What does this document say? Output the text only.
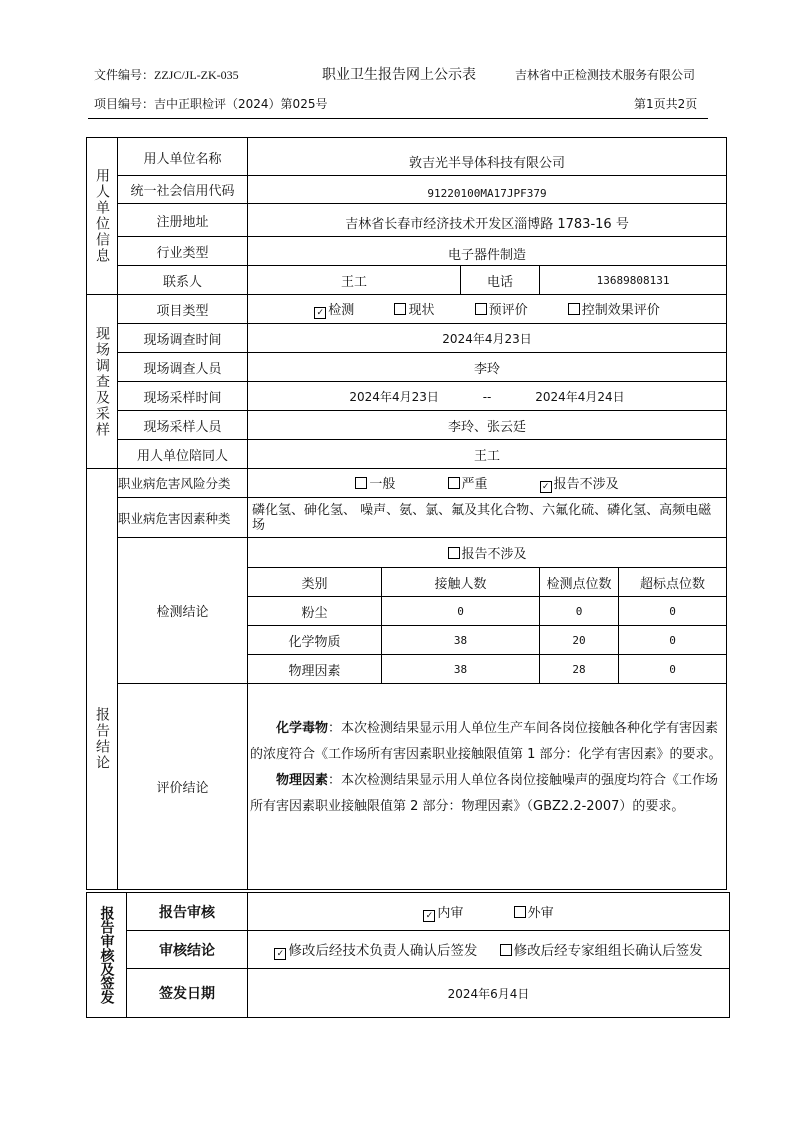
文件编号：ZZJC/JL-ZK-035	职业卫生报告网上公示表	吉林省中正检测技术服务有限公司
项目编号：吉中正职检评（2024）第025号	第1页共2页
用人单位信息	用人单位名称	敦吉光半导体科技有限公司				
	统一社会信用代码	91220100MA17JPF379				
	注册地址	吉林省长春市经济技术开发区淄博路 1783-16 号				
	行业类型	电子器件制造				
	联系人	王工		电话	13689808131	

现场调查及采样	项目类型	✓ 检测 现状 预评价 控制效果评价				
	现场调查时间	2024年4月23日				
	现场调查人员	李玲				
	现场采样时间	2024年4月23日 -- 2024年4月24日				
	现场采样人员	李玲、张云廷				
	用人单位陪同人	王工				

报告结论	职业病危害风险分类	一般 严重 ✓ 报告不涉及				
	职业病危害因素种类	磷化氢、砷化氢、 噪声、氨、氯、氟及其化合物、六氟化硫、磷化氢、高频电磁场				
	检测结论	报告不涉及				
		类别	接触人数		检测点位数	超标点位数
		粉尘	0		0	0
		化学物质	38		20	0
		物理因素	38		28	0
	评价结论	化学毒物：本次检测结果显示用人单位生产车间各岗位接触各种化学有害因素的浓度符合《工作场所有害因素职业接触限值第 1 部分：化学有害因素》的要求。
物理因素：本次检测结果显示用人单位各岗位接触噪声的强度均符合《工作场所有害因素职业接触限值第 2 部分：物理因素》（GBZ2.2-2007）的要求。				
报告审核及签发	报告审核	✓ 内审 外审
	审核结论	✓ 修改后经技术负责人确认后签发 修改后经专家组组长确认后签发
	签发日期	2024年6月4日
